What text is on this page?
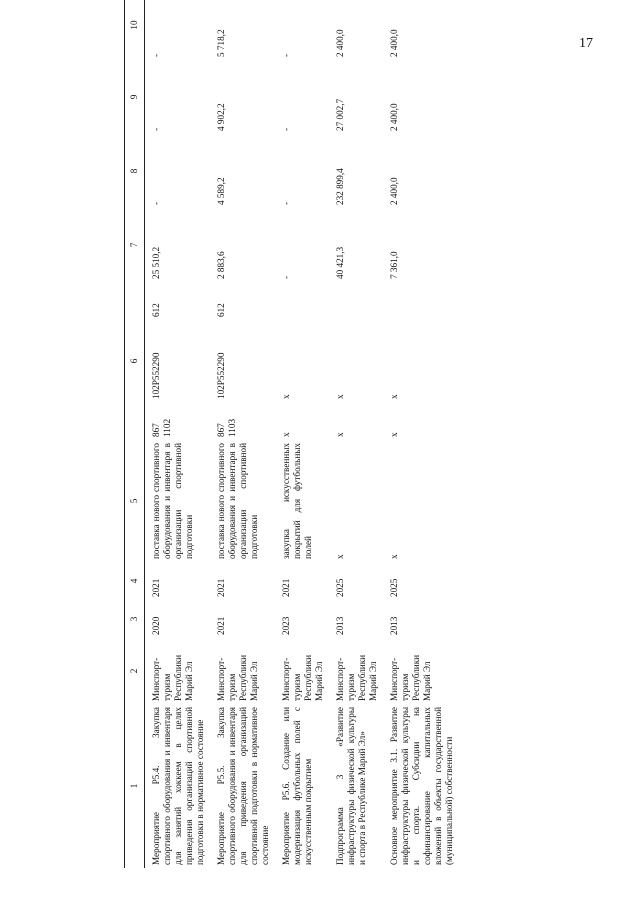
17
1	2	3	4	5		6		7	8	9	10
Мероприятие P5.4. Закупка спортивного оборудования и инвентаря для занятий хоккеем в целях приведения организаций спортивной подготовки в нормативное состояние	Минспорт-туризм Республики Марий Эл	2020	2021	поставка нового спортивного оборудования и инвентаря в организации спортивной подготовки	867 1102	102P552290	612	25 510,2	-	-	-
Мероприятие P5.5. Закупка спортивного оборудования и инвентаря для приведения организаций спортивной подготовки в нормативное состояние	Минспорт-туризм Республики Марий Эл	2021	2021	поставка нового спортивного оборудования и инвентаря в организации спортивной подготовки	867 1103	102P552290	612	2 883,6	4 589,2	4 902,2	5 718,2
Мероприятие P5.6. Создание или модернизация футбольных полей с искусственным покрытием	Минспорт-туризм Республики Марий Эл	2023	2021	закупка искусственных покрытий для футбольных полей	x	x		-	-	-	-
Подпрограмма 3 «Развитие инфраструктуры физической культуры и спорта в Республике Марий Эл»	Минспорт-туризм Республики Марий Эл	2013	2025	x	x	x		40 421,3	232 899,4	27 002,7	2 400,0
Основное мероприятие 3.1. Развитие инфраструктуры физической культуры и спорта. Субсидии на софинансирование капитальных вложений в объекты государственной (муниципальной) собственности	Минспорт-туризм Республики Марий Эл	2013	2025	x	x	x		7 361,0	2 400,0	2 400,0	2 400,0
